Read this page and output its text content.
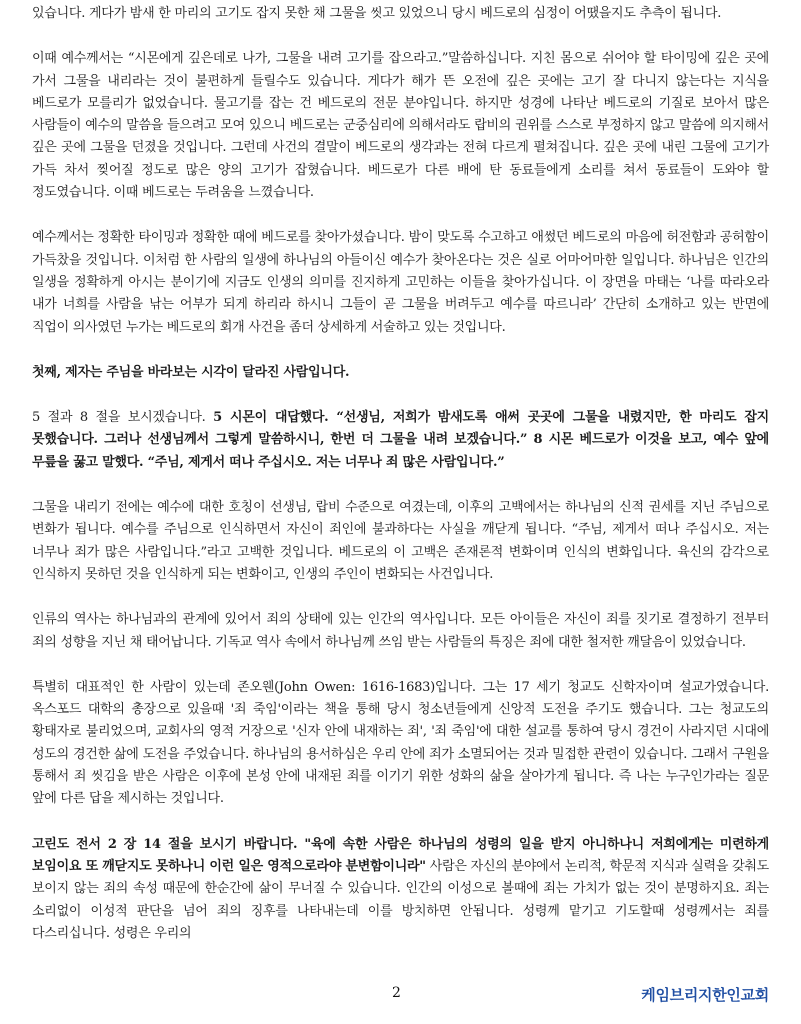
있습니다. 게다가 밤새 한 마리의 고기도 잡지 못한 채 그물을 씻고 있었으니 당시 베드로의 심정이 어땠을지도 추측이 됩니다.

이때 예수께서는 “시몬에게 깊은데로 나가, 그물을 내려 고기를 잡으라고.”말씀하십니다. 지친 몸으로 쉬어야 할 타이밍에 깊은 곳에 가서 그물을 내리라는 것이 불편하게 들릴수도 있습니다. 게다가 해가 뜬 오전에 깊은 곳에는 고기 잘 다니지 않는다는 지식을 베드로가 모를리가 없었습니다. 물고기를 잡는 건 베드로의 전문 분야입니다. 하지만 성경에 나타난 베드로의 기질로 보아서 많은 사람들이 예수의 말씀을 들으려고 모여 있으니 베드로는 군중심리에 의해서라도 랍비의 권위를 스스로 부정하지 않고 말씀에 의지해서 깊은 곳에 그물을 던졌을 것입니다. 그런데 사건의 결말이 베드로의 생각과는 전혀 다르게 펼쳐집니다. 깊은 곳에 내린 그물에 고기가 가득 차서 찢어질 정도로 많은 양의 고기가 잡혔습니다. 베드로가 다른 배에 탄 동료들에게 소리를 쳐서 동료들이 도와야 할 정도였습니다. 이때 베드로는 두려움을 느꼈습니다.

예수께서는 정확한 타이밍과 정확한 때에 베드로를 찾아가셨습니다. 밤이 맞도록 수고하고 애썼던 베드로의 마음에 허전함과 공허함이 가득찼을 것입니다. 이처럼 한 사람의 일생에 하나님의 아들이신 예수가 찾아온다는 것은 실로 어마어마한 일입니다. 하나님은 인간의 일생을 정확하게 아시는 분이기에 지금도 인생의 의미를 진지하게 고민하는 이들을 찾아가십니다. 이 장면을 마태는 ‘나를 따라오라 내가 너희를 사람을 낚는 어부가 되게 하리라 하시니 그들이 곧 그물을 버려두고 예수를 따르니라’ 간단히 소개하고 있는 반면에 직업이 의사였던 누가는 베드로의 회개 사건을 좀더 상세하게 서술하고 있는 것입니다.

첫째, 제자는 주님을 바라보는 시각이 달라진 사람입니다.

5 절과 8 절을 보시겠습니다. 5 시몬이 대답했다. “선생님, 저희가 밤새도록 애써 곳곳에 그물을 내렸지만, 한 마리도 잡지 못했습니다. 그러나 선생님께서 그렇게 말씀하시니, 한번 더 그물을 내려 보겠습니다.” 8 시몬 베드로가 이것을 보고, 예수 앞에 무릎을 꿇고 말했다. “주님, 제게서 떠나 주십시오. 저는 너무나 죄 많은 사람입니다.”

그물을 내리기 전에는 예수에 대한 호칭이 선생님, 랍비 수준으로 여겼는데, 이후의 고백에서는 하나님의 신적 권세를 지닌 주님으로 변화가 됩니다. 예수를 주님으로 인식하면서 자신이 죄인에 불과하다는 사실을 깨닫게 됩니다. “주님, 제게서 떠나 주십시오. 저는 너무나 죄가 많은 사람입니다.”라고 고백한 것입니다. 베드로의 이 고백은 존재론적 변화이며 인식의 변화입니다. 육신의 감각으로 인식하지 못하던 것을 인식하게 되는 변화이고, 인생의 주인이 변화되는 사건입니다.

인류의 역사는 하나님과의 관계에 있어서 죄의 상태에 있는 인간의 역사입니다. 모든 아이들은 자신이 죄를 짓기로 결정하기 전부터 죄의 성향을 지닌 채 태어납니다. 기독교 역사 속에서 하나님께 쓰임 받는 사람들의 특징은 죄에 대한 철저한 깨달음이 있었습니다.

특별히 대표적인 한 사람이 있는데 존오웬(John Owen: 1616-1683)입니다. 그는 17 세기 청교도 신학자이며 설교가였습니다. 옥스포드 대학의 총장으로 있을때 '죄 죽임'이라는 책을 통해 당시 청소년들에게 신앙적 도전을 주기도 했습니다. 그는 청교도의 황태자로 불리었으며, 교회사의 영적 거장으로 '신자 안에 내재하는 죄', '죄 죽임'에 대한 설교를 통하여 당시 경건이 사라지던 시대에 성도의 경건한 삶에 도전을 주었습니다. 하나님의 용서하심은 우리 안에 죄가 소멸되어는 것과 밀접한 관련이 있습니다. 그래서 구원을 통해서 죄 씻김을 받은 사람은 이후에 본성 안에 내재된 죄를 이기기 위한 성화의 삶을 살아가게 됩니다. 즉 나는 누구인가라는 질문 앞에 다른 답을 제시하는 것입니다.

고린도 전서 2 장 14 절을 보시기 바랍니다. "육에 속한 사람은 하나님의 성령의 일을 받지 아니하나니 저희에게는 미련하게 보임이요 또 깨닫지도 못하나니 이런 일은 영적으로라야 분변함이니라" 사람은 자신의 분야에서 논리적, 학문적 지식과 실력을 갖춰도 보이지 않는 죄의 속성 때문에 한순간에 삶이 무너질 수 있습니다. 인간의 이성으로 볼때에 죄는 가치가 없는 것이 분명하지요. 죄는 소리없이 이성적 판단을 넘어 죄의 징후를 나타내는데 이를 방치하면 안됩니다. 성령께 맡기고 기도할때 성령께서는 죄를 다스리십니다. 성령은 우리의

2	케임브리지한인교회
